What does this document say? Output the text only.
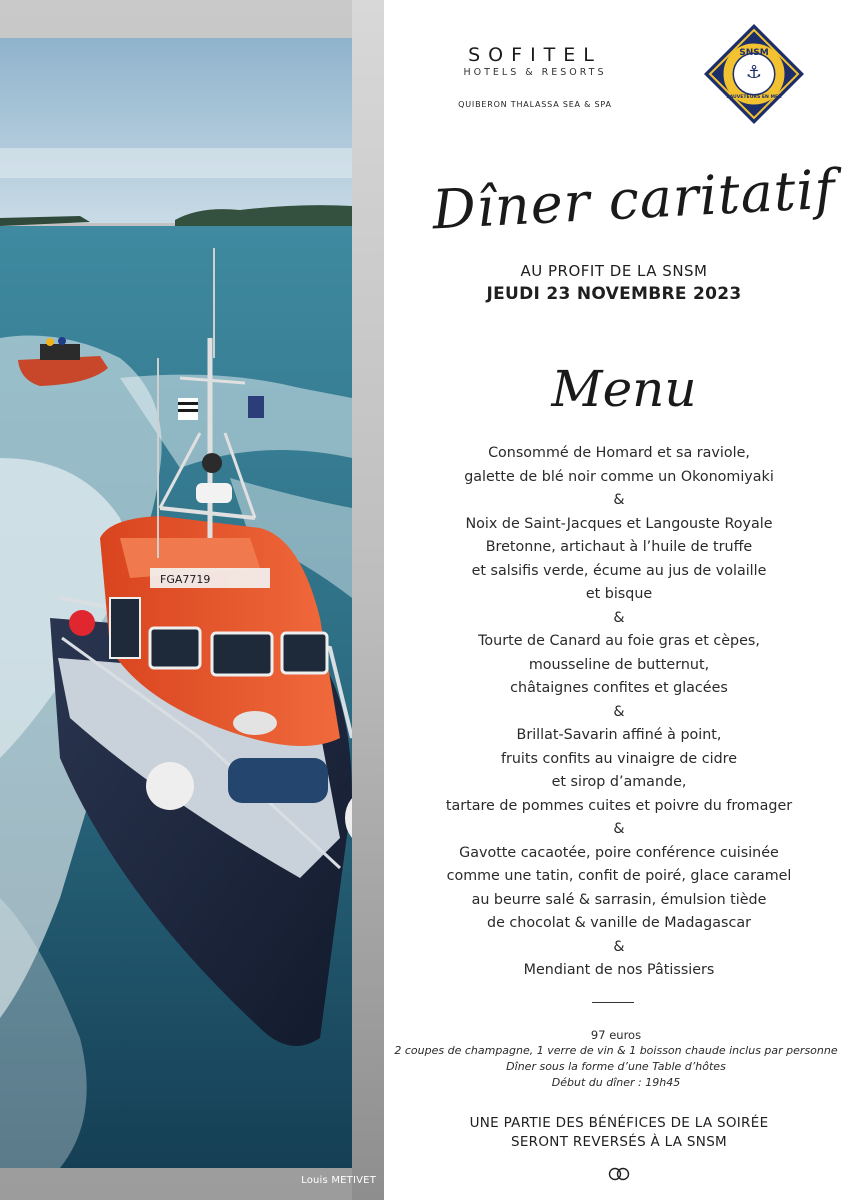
FGA7719
Louis METIVET
SOFITEL
HOTELS & RESORTS
QUIBERON THALASSA SEA & SPA
SNSM
⚓
SAUVETEURS EN MER
Dîner caritatif
AU PROFIT DE LA SNSM
JEUDI 23 NOVEMBRE 2023
Menu
Consommé de Homard et sa raviole,
galette de blé noir comme un Okonomiyaki
&
Noix de Saint-Jacques et Langouste Royale
Bretonne, artichaut à l’huile de truffe
et salsifis verde, écume au jus de volaille
et bisque
&
Tourte de Canard au foie gras et cèpes,
mousseline de butternut,
châtaignes confites et glacées
&
Brillat-Savarin affiné à point,
fruits confits au vinaigre de cidre
et sirop d’amande,
tartare de pommes cuites et poivre du fromager
&
Gavotte cacaotée, poire conférence cuisinée
comme une tatin, confit de poiré, glace caramel
au beurre salé & sarrasin, émulsion tiède
de chocolat & vanille de Madagascar
&
Mendiant de nos Pâtissiers
97 euros
2 coupes de champagne, 1 verre de vin & 1 boisson chaude inclus par personne
Dîner sous la forme d’une Table d’hôtes
Début du dîner : 19h45
UNE PARTIE DES BÉNÉFICES DE LA SOIRÉE
SERONT REVERSÉS À LA SNSM
